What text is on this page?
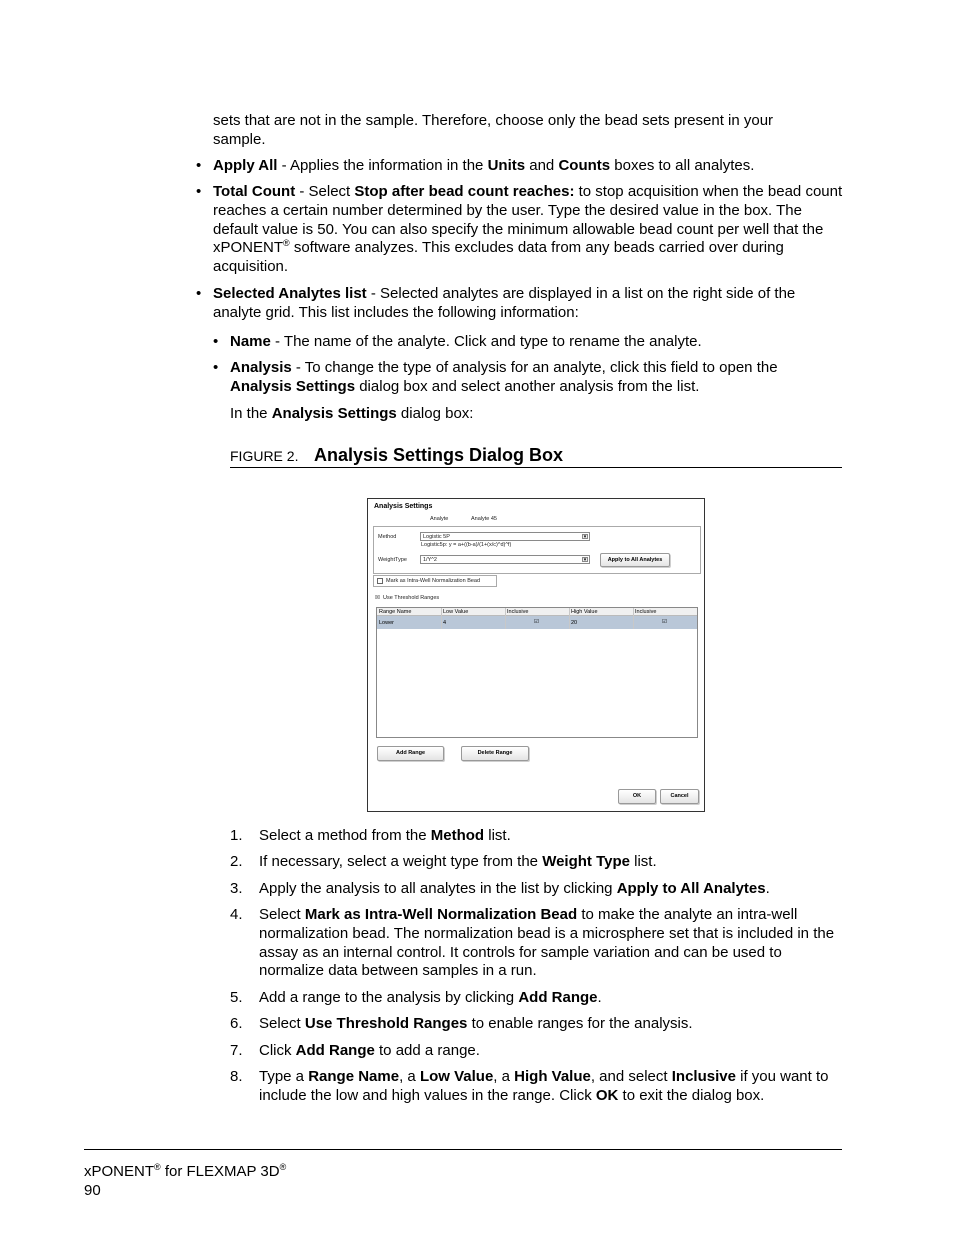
sets that are not in the sample. Therefore, choose only the bead sets present in your sample.

• Apply All - Applies the information in the Units and Counts boxes to all analytes.

• Total Count - Select Stop after bead count reaches: to stop acquisition when the bead count reaches a certain number determined by the user. Type the desired value in the box. The default value is 50. You can also specify the minimum allowable bead count per well that the xPONENT® software analyzes. This excludes data from any beads carried over during acquisition.

• Selected Analytes list - Selected analytes are displayed in a list on the right side of the analyte grid. This list includes the following information:

• Name - The name of the analyte. Click and type to rename the analyte.

• Analysis - To change the type of analysis for an analyte, click this field to open the Analysis Settings dialog box and select another analysis from the list.

In the Analysis Settings dialog box:

FIGURE 2. Analysis Settings Dialog Box
Analysis Settings
Analyte	Analyte 45
Method	Logistic 5P	▾
Logistic5p: y = a+((b-a)/(1+(x/c)^d)^f)
WeightType	1/Y^2	▾	Apply to All Analytes
Mark as Intra-Well Normalization Bead
☒ Use Threshold Ranges
Range Name	Low Value	Inclusive	High Value	Inclusive
Lower	4	☑	20	☑
Add Range	Delete Range
OK	Cancel
1. Select a method from the Method list.

2. If necessary, select a weight type from the Weight Type list.

3. Apply the analysis to all analytes in the list by clicking Apply to All Analytes.

4. Select Mark as Intra-Well Normalization Bead to make the analyte an intra-well normalization bead. The normalization bead is a microsphere set that is included in the assay as an internal control. It controls for sample variation and can be used to normalize data between samples in a run.

5. Add a range to the analysis by clicking Add Range.

6. Select Use Threshold Ranges to enable ranges for the analysis.

7. Click Add Range to add a range.

8. Type a Range Name, a Low Value, a High Value, and select Inclusive if you want to include the low and high values in the range. Click OK to exit the dialog box.

xPONENT® for FLEXMAP 3D®

90
